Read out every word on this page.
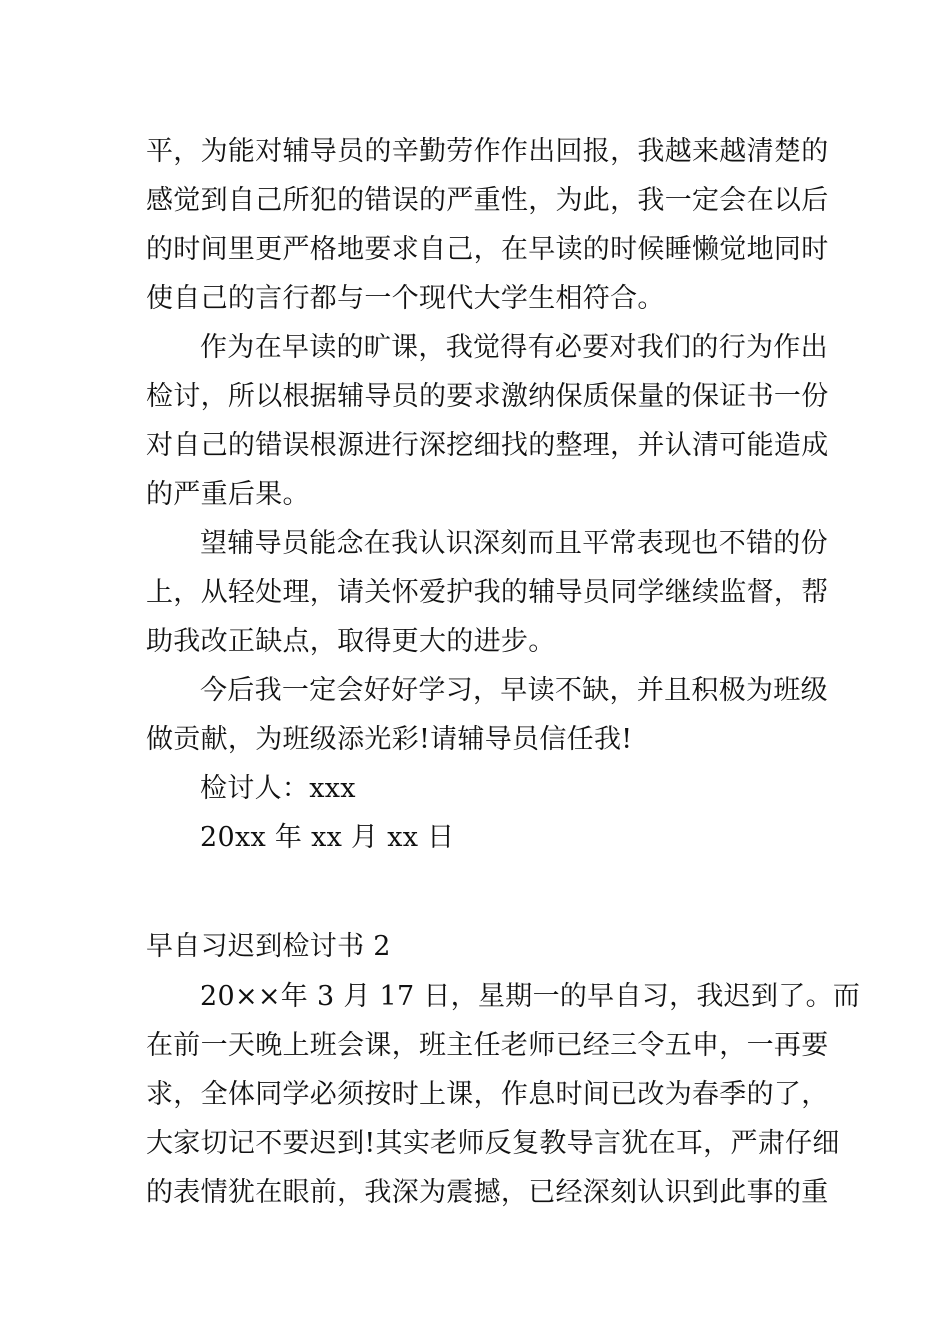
平，为能对辅导员的辛勤劳作作出回报，我越来越清楚的
感觉到自己所犯的错误的严重性，为此，我一定会在以后
的时间里更严格地要求自己，在早读的时候睡懒觉地同时
使自己的言行都与一个现代大学生相符合。
作为在早读的旷课，我觉得有必要对我们的行为作出
检讨，所以根据辅导员的要求激纳保质保量的保证书一份
对自己的错误根源进行深挖细找的整理，并认清可能造成
的严重后果。
望辅导员能念在我认识深刻而且平常表现也不错的份
上，从轻处理，请关怀爱护我的辅导员同学继续监督，帮
助我改正缺点，取得更大的进步。
今后我一定会好好学习，早读不缺，并且积极为班级
做贡献，为班级添光彩!请辅导员信任我!
检讨人：xxx
20xx 年 xx 月 xx 日
早自习迟到检讨书 2
20××年 3 月 17 日，星期一的早自习，我迟到了。而
在前一天晚上班会课，班主任老师已经三令五申，一再要
求，全体同学必须按时上课，作息时间已改为春季的了，
大家切记不要迟到!其实老师反复教导言犹在耳，严肃仔细
的表情犹在眼前，我深为震撼，已经深刻认识到此事的重
